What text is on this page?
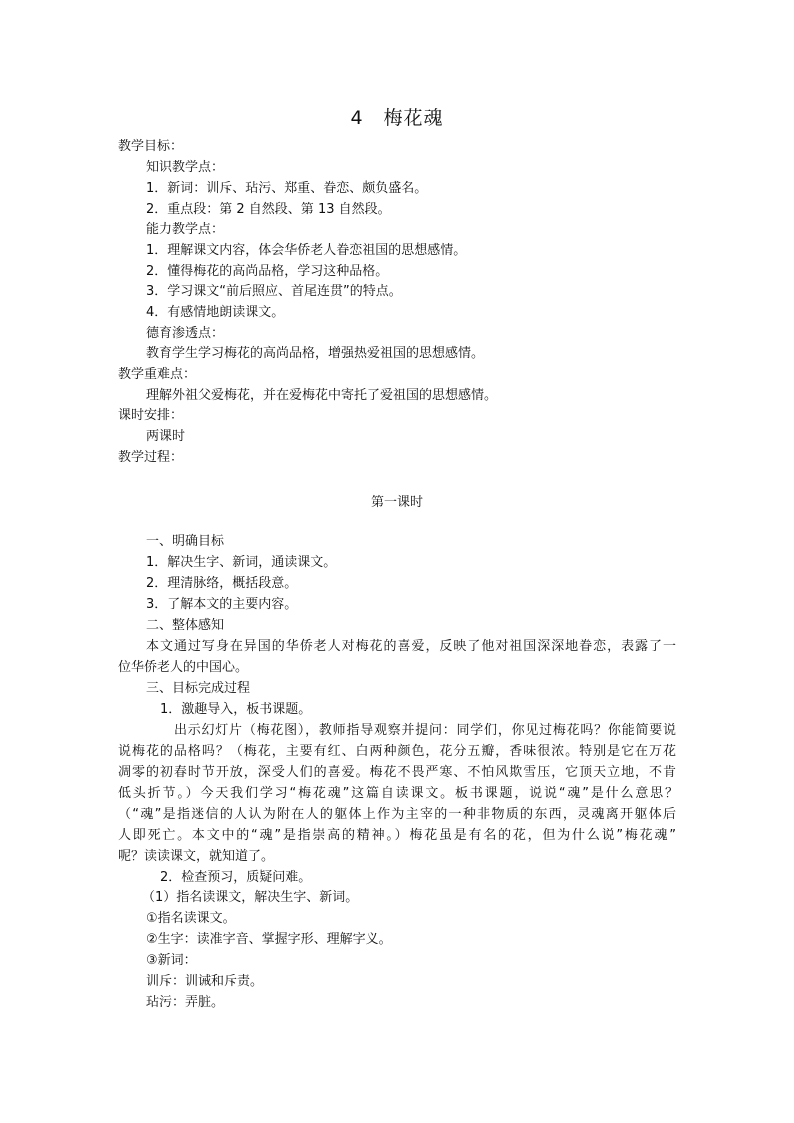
4　梅花魂
教学目标：
知识教学点：
1．新词：训斥、玷污、郑重、眷恋、颇负盛名。
2．重点段：第 2 自然段、第 13 自然段。
能力教学点：
1．理解课文内容，体会华侨老人眷恋祖国的思想感情。
2．懂得梅花的高尚品格，学习这种品格。
3．学习课文“前后照应、首尾连贯”的特点。
4．有感情地朗读课文。
德育渗透点：
教育学生学习梅花的高尚品格，增强热爱祖国的思想感情。
教学重难点：
理解外祖父爱梅花，并在爱梅花中寄托了爱祖国的思想感情。
课时安排：
两课时
教学过程：
第一课时
一、明确目标
1．解决生字、新词，通读课文。
2．理清脉络，概括段意。
3．了解本文的主要内容。
二、整体感知
本文通过写身在异国的华侨老人对梅花的喜爱，反映了他对祖国深深地眷恋，表露了一
位华侨老人的中国心。
三、目标完成过程
1．激趣导入，板书课题。
出示幻灯片（梅花图），教师指导观察并提问：同学们，你见过梅花吗？你能简要说
说梅花的品格吗？（梅花，主要有红、白两种颜色，花分五瓣，香味很浓。特别是它在万花
凋零的初春时节开放，深受人们的喜爱。梅花不畏严寒、不怕风欺雪压，它顶天立地，不肯
低头折节。）今天我们学习“梅花魂”这篇自读课文。板书课题，说说“魂”是什么意思？
（“魂”是指迷信的人认为附在人的躯体上作为主宰的一种非物质的东西，灵魂离开躯体后
人即死亡。本文中的“魂”是指崇高的精神。）梅花虽是有名的花，但为什么说”梅花魂”
呢？读读课文，就知道了。
2．检查预习，质疑问难。
（1）指名读课文，解决生字、新词。
①指名读课文。
②生字：读准字音、掌握字形、理解字义。
③新词：
训斥：训诫和斥责。
玷污：弄脏。
